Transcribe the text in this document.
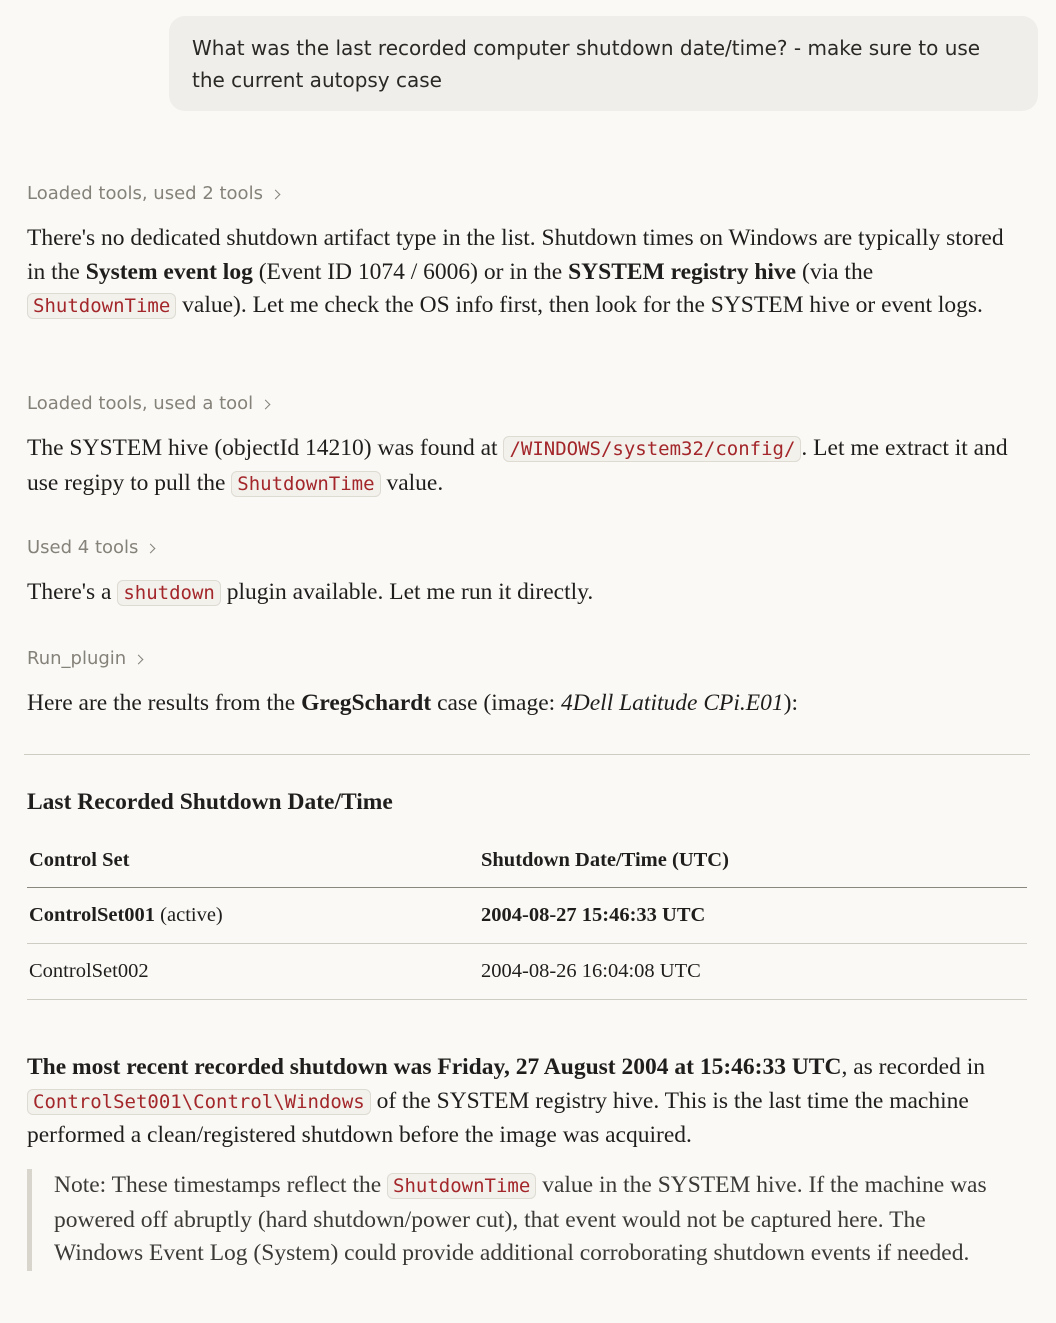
What was the last recorded computer shutdown date/time? - make sure to use the current autopsy case
Loaded tools, used 2 tools
There's no dedicated shutdown artifact type in the list. Shutdown times on Windows are typically stored in the System event log (Event ID 1074 / 6006) or in the SYSTEM registry hive (via the ShutdownTime value). Let me check the OS info first, then look for the SYSTEM hive or event logs.
Loaded tools, used a tool
The SYSTEM hive (objectId 14210) was found at /WINDOWS/system32/config/ . Let me extract it and use regipy to pull the ShutdownTime value.
Used 4 tools
There's a shutdown plugin available. Let me run it directly.
Run_plugin
Here are the results from the GregSchardt case (image: 4Dell Latitude CPi.E01):
Last Recorded Shutdown Date/Time
Control Set	Shutdown Date/Time (UTC)
ControlSet001 (active)	2004-08-27 15:46:33 UTC
ControlSet002	2004-08-26 16:04:08 UTC
The most recent recorded shutdown was Friday, 27 August 2004 at 15:46:33 UTC, as recorded in ControlSet001\Control\Windows of the SYSTEM registry hive. This is the last time the machine performed a clean/registered shutdown before the image was acquired.
Note: These timestamps reflect the ShutdownTime value in the SYSTEM hive. If the machine was powered off abruptly (hard shutdown/power cut), that event would not be captured here. The Windows Event Log (System) could provide additional corroborating shutdown events if needed.
